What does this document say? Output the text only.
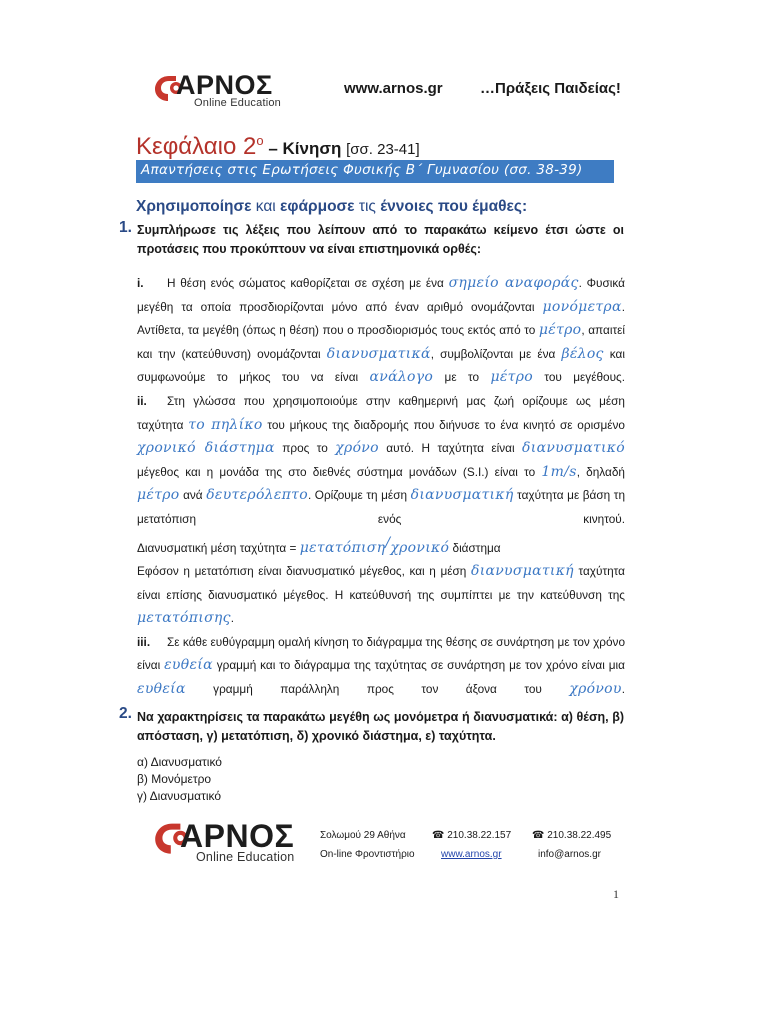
ΑΡΝΟΣ
Online Education
www.arnos.gr …Πράξεις Παιδείας!
Κεφάλαιο $2^o$ – Κίνηση [σσ. 23-41]
Απαντήσεις στις Ερωτήσεις Φυσικής Β΄ Γυμνασίου (σσ. 38-39)
Χρησιμοποίησε και εφάρμοσε τις έννοιες που έμαθες:
1. Συμπλήρωσε τις λέξεις που λείπουν από το παρακάτω κείμενο έτσι ώστε οι προτάσεις που προκύπτουν να είναι επιστημονικά ορθές:

i. Η θέση ενός σώματος καθορίζεται σε σχέση με ένα σημείο αναφοράς. Φυσικά μεγέθη τα οποία προσδιορίζονται μόνο από έναν αριθμό ονομάζονται μονόμετρα. Αντίθετα, τα μεγέθη (όπως η θέση) που ο προσδιορισμός τους εκτός από το μέτρο, απαιτεί και την (κατεύθυνση) ονομάζονται διανυσματικά, συμβολίζονται με ένα βέλος και συμφωνούμε το μήκος του να είναι ανάλογο με το μέτρο του μεγέθους.

ii. Στη γλώσσα που χρησιμοποιούμε στην καθημερινή μας ζωή ορίζουμε ως μέση ταχύτητα το πηλίκο του μήκους της διαδρομής που διήνυσε το ένα κινητό σε ορισμένο χρονικό διάστημα προς το χρόνο αυτό. Η ταχύτητα είναι διανυσματικό μέγεθος και η μονάδα της στο διεθνές σύστημα μονάδων (S.I.) είναι το 1m/s, δηλαδή μέτρο ανά δευτερόλεπτο. Ορίζουμε τη μέση διανυσματική ταχύτητα με βάση τη μετατόπιση ενός κινητού.

Διανυσματική μέση ταχύτητα = μετατόπιση/χρονικό διάστημα

Εφόσον η μετατόπιση είναι διανυσματικό μέγεθος, και η μέση διανυσματική ταχύτητα είναι επίσης διανυσματικό μέγεθος. Η κατεύθυνσή της συμπίπτει με την κατεύθυνση της μετατόπισης.

iii. Σε κάθε ευθύγραμμη ομαλή κίνηση το διάγραμμα της θέσης σε συνάρτηση με τον χρόνο είναι ευθεία γραμμή και το διάγραμμα της ταχύτητας σε συνάρτηση με τον χρόνο είναι μια ευθεία γραμμή παράλληλη προς τον άξονα του χρόνου.

2. Να χαρακτηρίσεις τα παρακάτω μεγέθη ως μονόμετρα ή διανυσματικά: α) θέση, β) απόσταση, γ) μετατόπιση, δ) χρονικό διάστημα, ε) ταχύτητα.
α) Διανυσματικό
β) Μονόμετρο
γ) Διανυσματικό
ΑΡΝΟΣ
Online Education
Σολωμού 29 Αθήνα	☎ 210.38.22.157 ☎ 210.38.22.495
On-line Φροντιστήριο	www.arnos.gr	info@arnos.gr
1
